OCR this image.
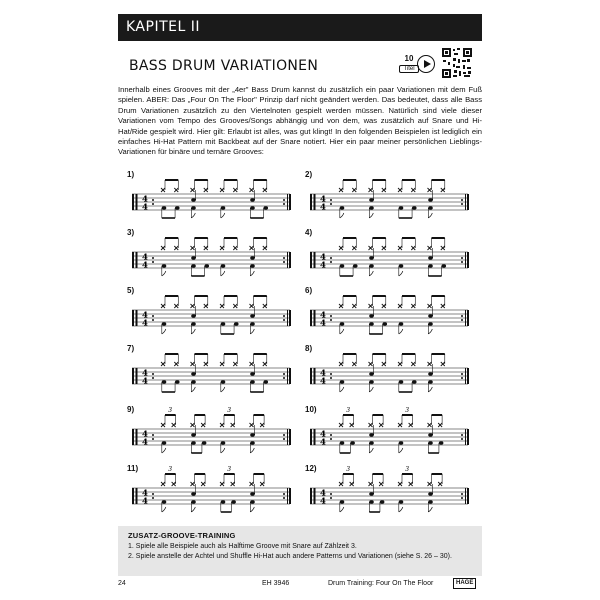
KAPITEL II
BASS DRUM VARIATIONEN	10
Titel
Innerhalb eines Grooves mit der „4er" Bass Drum kannst du zusätzlich ein paar Variationen mit dem Fuß spielen. ABER: Das „Four On The Floor" Prinzip darf nicht geändert werden. Das bedeutet, dass alle Bass Drum Variationen zusätzlich zu den Viertelnoten gespielt werden müssen. Natürlich sind viele dieser Variationen vom Tempo des Grooves/Songs abhängig und von dem, was zusätzlich auf Snare und Hi-Hat/Ride gespielt wird. Hier gilt: Erlaubt ist alles, was gut klingt! In den folgenden Beispielen ist lediglich ein einfaches Hi-Hat Pattern mit Backbeat auf der Snare notiert. Hier ein paar meiner persönlichen Lieblings-Variationen für binäre und ternäre Grooves:
1)
4
4
2)
4
4
3)
4
4
4)
4
4
5)
4
4
6)
4
4
7)
4
4
8)
4
4
9)
4
4
3	3	10)
4
4
3	3
11)
4
4
3	3	12)
4
4
3	3
ZUSATZ-GROOVE-TRAINING
1. Spiele alle Beispiele auch als Halftime Groove mit Snare auf Zählzeit 3.
2. Spiele anstelle der Achtel und Shuffle Hi-Hat auch andere Patterns und Variationen (siehe S. 26 – 30).
24	EH 3946	Drum Training: Four On The Floor	HAGE
